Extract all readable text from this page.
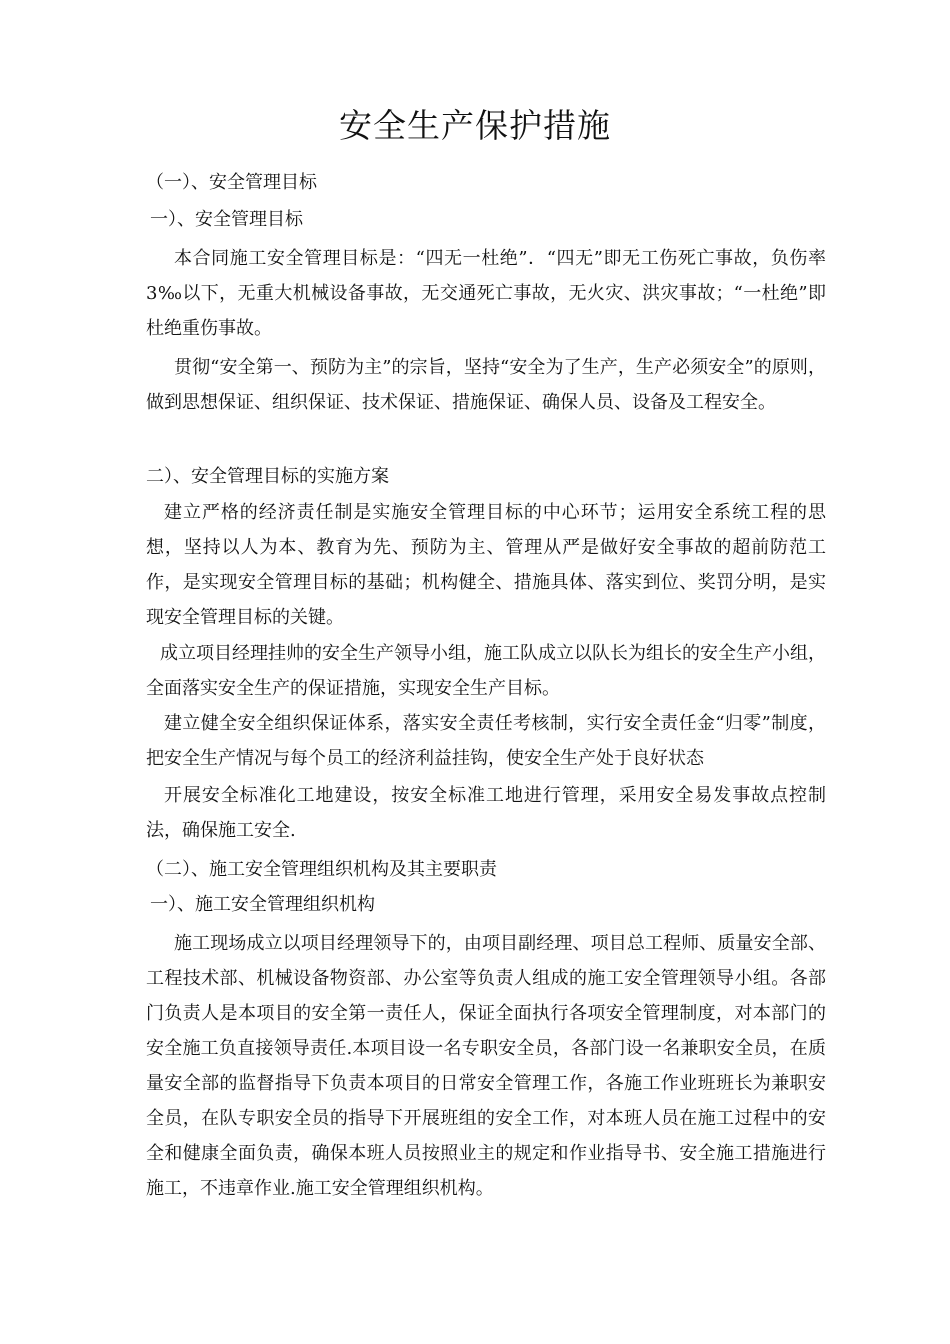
安全生产保护措施
（一）、安全管理目标
一）、安全管理目标

本合同施工安全管理目标是：“四无一杜绝”．“四无”即无工伤死亡事故，负伤率3‰以下，无重大机械设备事故，无交通死亡事故，无火灾、洪灾事故；“一杜绝”即杜绝重伤事故。

贯彻“安全第一、预防为主”的宗旨，坚持“安全为了生产，生产必须安全”的原则，做到思想保证、组织保证、技术保证、措施保证、确保人员、设备及工程安全。

二）、安全管理目标的实施方案

建立严格的经济责任制是实施安全管理目标的中心环节；运用安全系统工程的思想，坚持以人为本、教育为先、预防为主、管理从严是做好安全事故的超前防范工作，是实现安全管理目标的基础；机构健全、措施具体、落实到位、奖罚分明，是实现安全管理目标的关键。

成立项目经理挂帅的安全生产领导小组，施工队成立以队长为组长的安全生产小组，全面落实安全生产的保证措施，实现安全生产目标。

建立健全安全组织保证体系，落实安全责任考核制，实行安全责任金“归零”制度，把安全生产情况与每个员工的经济利益挂钩，使安全生产处于良好状态

开展安全标准化工地建设，按安全标准工地进行管理，采用安全易发事故点控制法，确保施工安全.

（二）、施工安全管理组织机构及其主要职责
一）、施工安全管理组织机构

施工现场成立以项目经理领导下的，由项目副经理、项目总工程师、质量安全部、工程技术部、机械设备物资部、办公室等负责人组成的施工安全管理领导小组。各部门负责人是本项目的安全第一责任人，保证全面执行各项安全管理制度，对本部门的安全施工负直接领导责任.本项目设一名专职安全员，各部门设一名兼职安全员，在质量安全部的监督指导下负责本项目的日常安全管理工作，各施工作业班班长为兼职安全员，在队专职安全员的指导下开展班组的安全工作，对本班人员在施工过程中的安全和健康全面负责，确保本班人员按照业主的规定和作业指导书、安全施工措施进行施工，不违章作业.施工安全管理组织机构。
